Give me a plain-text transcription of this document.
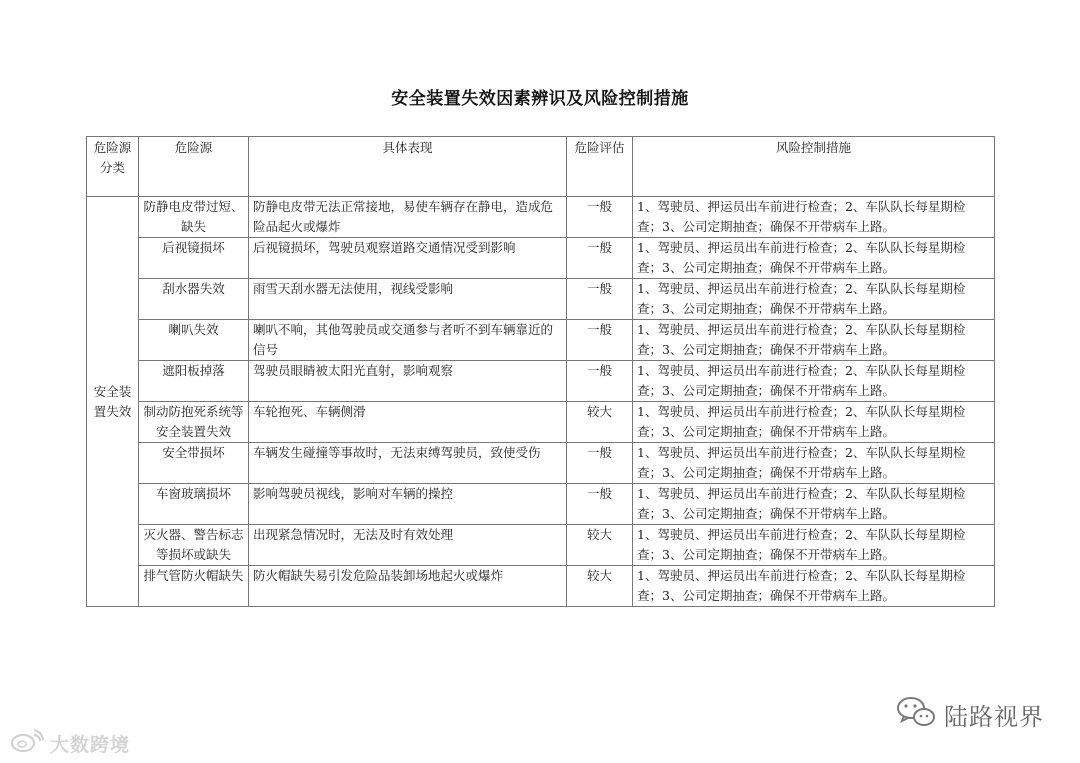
安全装置失效因素辨识及风险控制措施
危险源分类	危险源	具体表现	危险评估	风险控制措施
安全装置失效	防静电皮带过短、缺失	防静电皮带无法正常接地，易使车辆存在静电，造成危险品起火或爆炸	一般	1、驾驶员、押运员出车前进行检查；2、车队队长每星期检查；3、公司定期抽查；确保不开带病车上路。
	后视镜损坏	后视镜损坏，驾驶员观察道路交通情况受到影响	一般	1、驾驶员、押运员出车前进行检查；2、车队队长每星期检查；3、公司定期抽查；确保不开带病车上路。
	刮水器失效	雨雪天刮水器无法使用，视线受影响	一般	1、驾驶员、押运员出车前进行检查；2、车队队长每星期检查；3、公司定期抽查；确保不开带病车上路。
	喇叭失效	喇叭不响，其他驾驶员或交通参与者听不到车辆靠近的信号	一般	1、驾驶员、押运员出车前进行检查；2、车队队长每星期检查；3、公司定期抽查；确保不开带病车上路。
	遮阳板掉落	驾驶员眼睛被太阳光直射，影响观察	一般	1、驾驶员、押运员出车前进行检查；2、车队队长每星期检查；3、公司定期抽查；确保不开带病车上路。
	制动防抱死系统等安全装置失效	车轮抱死、车辆侧滑	较大	1、驾驶员、押运员出车前进行检查；2、车队队长每星期检查；3、公司定期抽查；确保不开带病车上路。
	安全带损坏	车辆发生碰撞等事故时，无法束缚驾驶员，致使受伤	一般	1、驾驶员、押运员出车前进行检查；2、车队队长每星期检查；3、公司定期抽查；确保不开带病车上路。
	车窗玻璃损坏	影响驾驶员视线，影响对车辆的操控	一般	1、驾驶员、押运员出车前进行检查；2、车队队长每星期检查；3、公司定期抽查；确保不开带病车上路。
	灭火器、警告标志等损坏或缺失	出现紧急情况时，无法及时有效处理	较大	1、驾驶员、押运员出车前进行检查；2、车队队长每星期检查；3、公司定期抽查；确保不开带病车上路。
	排气管防火帽缺失	防火帽缺失易引发危险品装卸场地起火或爆炸	较大	1、驾驶员、押运员出车前进行检查；2、车队队长每星期检查；3、公司定期抽查；确保不开带病车上路。
大数跨境
陆路视界
